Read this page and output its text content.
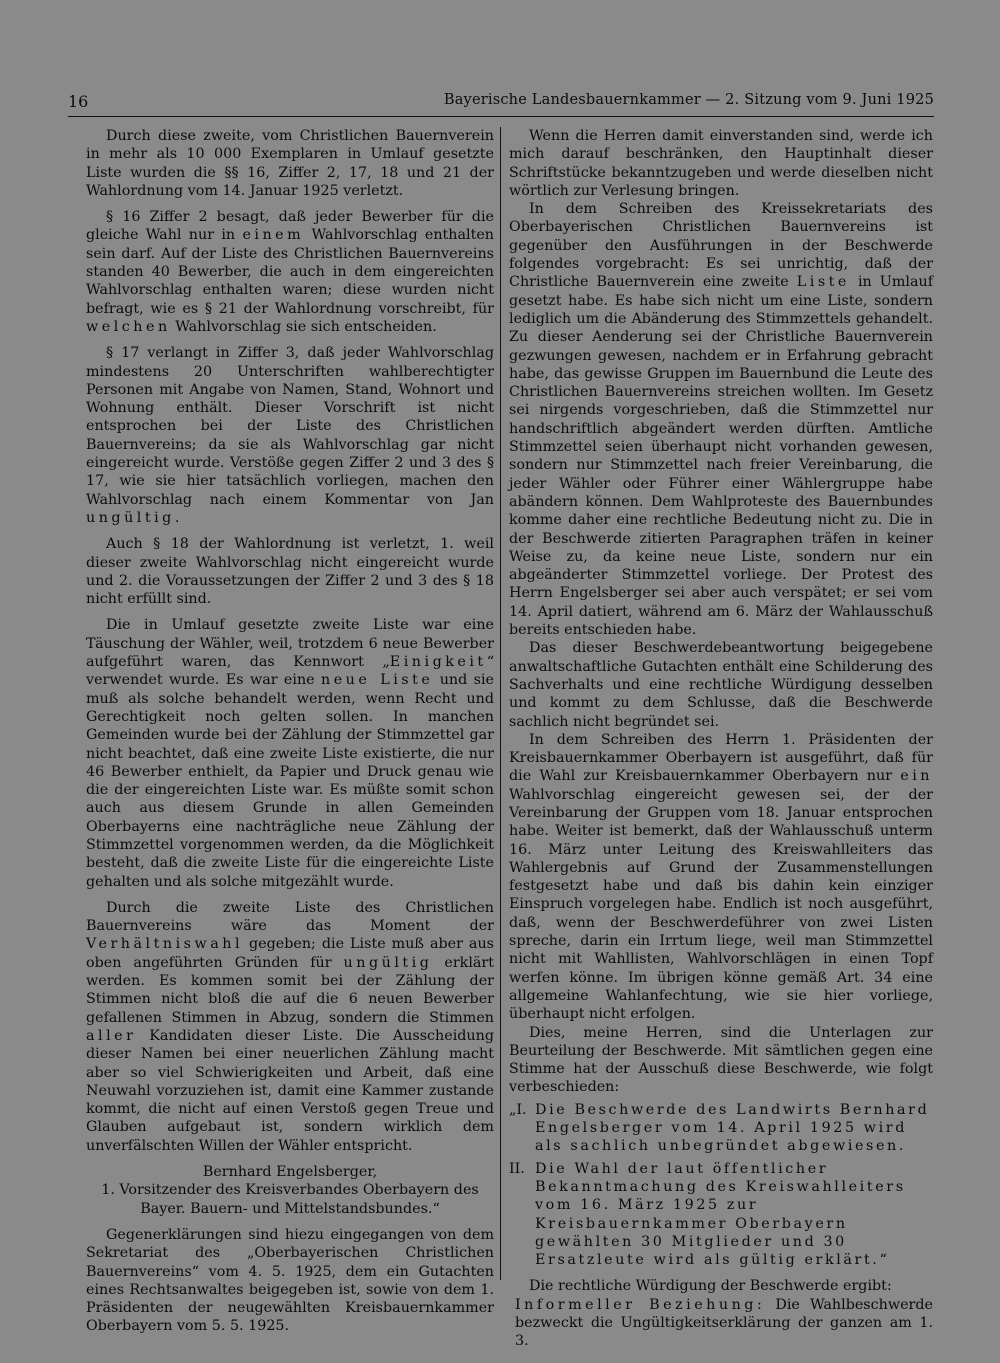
16	Bayerische Landesbauernkammer — 2. Sitzung vom 9. Juni 1925

Durch diese zweite, vom Christlichen Bauernverein in mehr als 10 000 Exemplaren in Umlauf gesetzte Liste wurden die §§ 16, Ziffer 2, 17, 18 und 21 der Wahlordnung vom 14. Januar 1925 verletzt.

§ 16 Ziffer 2 besagt, daß jeder Bewerber für die gleiche Wahl nur in einem Wahlvorschlag enthalten sein darf. Auf der Liste des Christlichen Bauernvereins standen 40 Bewerber, die auch in dem eingereichten Wahlvorschlag enthalten waren; diese wurden nicht befragt, wie es § 21 der Wahlordnung vorschreibt, für welchen Wahlvorschlag sie sich entscheiden.

§ 17 verlangt in Ziffer 3, daß jeder Wahlvorschlag mindestens 20 Unterschriften wahlberechtigter Personen mit Angabe von Namen, Stand, Wohnort und Wohnung enthält. Dieser Vorschrift ist nicht entsprochen bei der Liste des Christlichen Bauernvereins; da sie als Wahlvorschlag gar nicht eingereicht wurde. Verstöße gegen Ziffer 2 und 3 des § 17, wie sie hier tatsächlich vorliegen, machen den Wahlvorschlag nach einem Kommentar von Jan ungültig.

Auch § 18 der Wahlordnung ist verletzt, 1. weil dieser zweite Wahlvorschlag nicht eingereicht wurde und 2. die Voraussetzungen der Ziffer 2 und 3 des § 18 nicht erfüllt sind.

Die in Umlauf gesetzte zweite Liste war eine Täuschung der Wähler, weil, trotzdem 6 neue Bewerber aufgeführt waren, das Kennwort „Einigkeit“ verwendet wurde. Es war eine neue Liste und sie muß als solche behandelt werden, wenn Recht und Gerechtigkeit noch gelten sollen. In manchen Gemeinden wurde bei der Zählung der Stimmzettel gar nicht beachtet, daß eine zweite Liste existierte, die nur 46 Bewerber enthielt, da Papier und Druck genau wie die der eingereichten Liste war. Es müßte somit schon auch aus diesem Grunde in allen Gemeinden Oberbayerns eine nachträgliche neue Zählung der Stimmzettel vorgenommen werden, da die Möglichkeit besteht, daß die zweite Liste für die eingereichte Liste gehalten und als solche mitgezählt wurde.

Durch die zweite Liste des Christlichen Bauernvereins wäre das Moment der Verhältniswahl gegeben; die Liste muß aber aus oben angeführten Gründen für ungültig erklärt werden. Es kommen somit bei der Zählung der Stimmen nicht bloß die auf die 6 neuen Bewerber gefallenen Stimmen in Abzug, sondern die Stimmen aller Kandidaten dieser Liste. Die Ausscheidung dieser Namen bei einer neuerlichen Zählung macht aber so viel Schwierigkeiten und Arbeit, daß eine Neuwahl vorzuziehen ist, damit eine Kammer zustande kommt, die nicht auf einen Verstoß gegen Treue und Glauben aufgebaut ist, sondern wirklich dem unverfälschten Willen der Wähler entspricht.

Bernhard Engelsberger,

1. Vorsitzender des Kreisverbandes Oberbayern des Bayer. Bauern- und Mittelstandsbundes.“

Gegenerklärungen sind hiezu eingegangen von dem Sekretariat des „Oberbayerischen Christlichen Bauernvereins“ vom 4. 5. 1925, dem ein Gutachten eines Rechtsanwaltes beigegeben ist, sowie von dem 1. Präsidenten der neugewählten Kreisbauernkammer Oberbayern vom 5. 5. 1925.

Wenn die Herren damit einverstanden sind, werde ich mich darauf beschränken, den Hauptinhalt dieser Schriftstücke bekanntzugeben und werde dieselben nicht wörtlich zur Verlesung bringen.

In dem Schreiben des Kreissekretariats des Oberbayerischen Christlichen Bauernvereins ist gegenüber den Ausführungen in der Beschwerde folgendes vorgebracht: Es sei unrichtig, daß der Christliche Bauernverein eine zweite Liste in Umlauf gesetzt habe. Es habe sich nicht um eine Liste, sondern lediglich um die Abänderung des Stimmzettels gehandelt. Zu dieser Aenderung sei der Christliche Bauernverein gezwungen gewesen, nachdem er in Erfahrung gebracht habe, das gewisse Gruppen im Bauernbund die Leute des Christlichen Bauernvereins streichen wollten. Im Gesetz sei nirgends vorgeschrieben, daß die Stimmzettel nur handschriftlich abgeändert werden dürften. Amtliche Stimmzettel seien überhaupt nicht vorhanden gewesen, sondern nur Stimmzettel nach freier Vereinbarung, die jeder Wähler oder Führer einer Wählergruppe habe abändern können. Dem Wahlproteste des Bauernbundes komme daher eine rechtliche Bedeutung nicht zu. Die in der Beschwerde zitierten Paragraphen träfen in keiner Weise zu, da keine neue Liste, sondern nur ein abgeänderter Stimmzettel vorliege. Der Protest des Herrn Engelsberger sei aber auch verspätet; er sei vom 14. April datiert, während am 6. März der Wahlausschuß bereits entschieden habe.

Das dieser Beschwerdebeantwortung beigegebene anwaltschaftliche Gutachten enthält eine Schilderung des Sachverhalts und eine rechtliche Würdigung desselben und kommt zu dem Schlusse, daß die Beschwerde sachlich nicht begründet sei.

In dem Schreiben des Herrn 1. Präsidenten der Kreisbauernkammer Oberbayern ist ausgeführt, daß für die Wahl zur Kreisbauernkammer Oberbayern nur ein Wahlvorschlag eingereicht gewesen sei, der der Vereinbarung der Gruppen vom 18. Januar entsprochen habe. Weiter ist bemerkt, daß der Wahlausschuß unterm 16. März unter Leitung des Kreiswahlleiters das Wahlergebnis auf Grund der Zusammenstellungen festgesetzt habe und daß bis dahin kein einziger Einspruch vorgelegen habe. Endlich ist noch ausgeführt, daß, wenn der Beschwerdeführer von zwei Listen spreche, darin ein Irrtum liege, weil man Stimmzettel nicht mit Wahllisten, Wahlvorschlägen in einen Topf werfen könne. Im übrigen könne gemäß Art. 34 eine allgemeine Wahlanfechtung, wie sie hier vorliege, überhaupt nicht erfolgen.

Dies, meine Herren, sind die Unterlagen zur Beurteilung der Beschwerde. Mit sämtlichen gegen eine Stimme hat der Ausschuß diese Beschwerde, wie folgt verbeschieden:

„I. Die Beschwerde des Landwirts Bernhard Engelsberger vom 14. April 1925 wird als sachlich unbegründet abgewiesen.
II. Die Wahl der laut öffentlicher Bekanntmachung des Kreiswahlleiters vom 16. März 1925 zur Kreisbauernkammer Oberbayern gewählten 30 Mitglieder und 30 Ersatzleute wird als gültig erklärt.“

Die rechtliche Würdigung der Beschwerde ergibt:

Informeller Beziehung: Die Wahlbeschwerde bezweckt die Ungültigkeitserklärung der ganzen am 1. 3.
